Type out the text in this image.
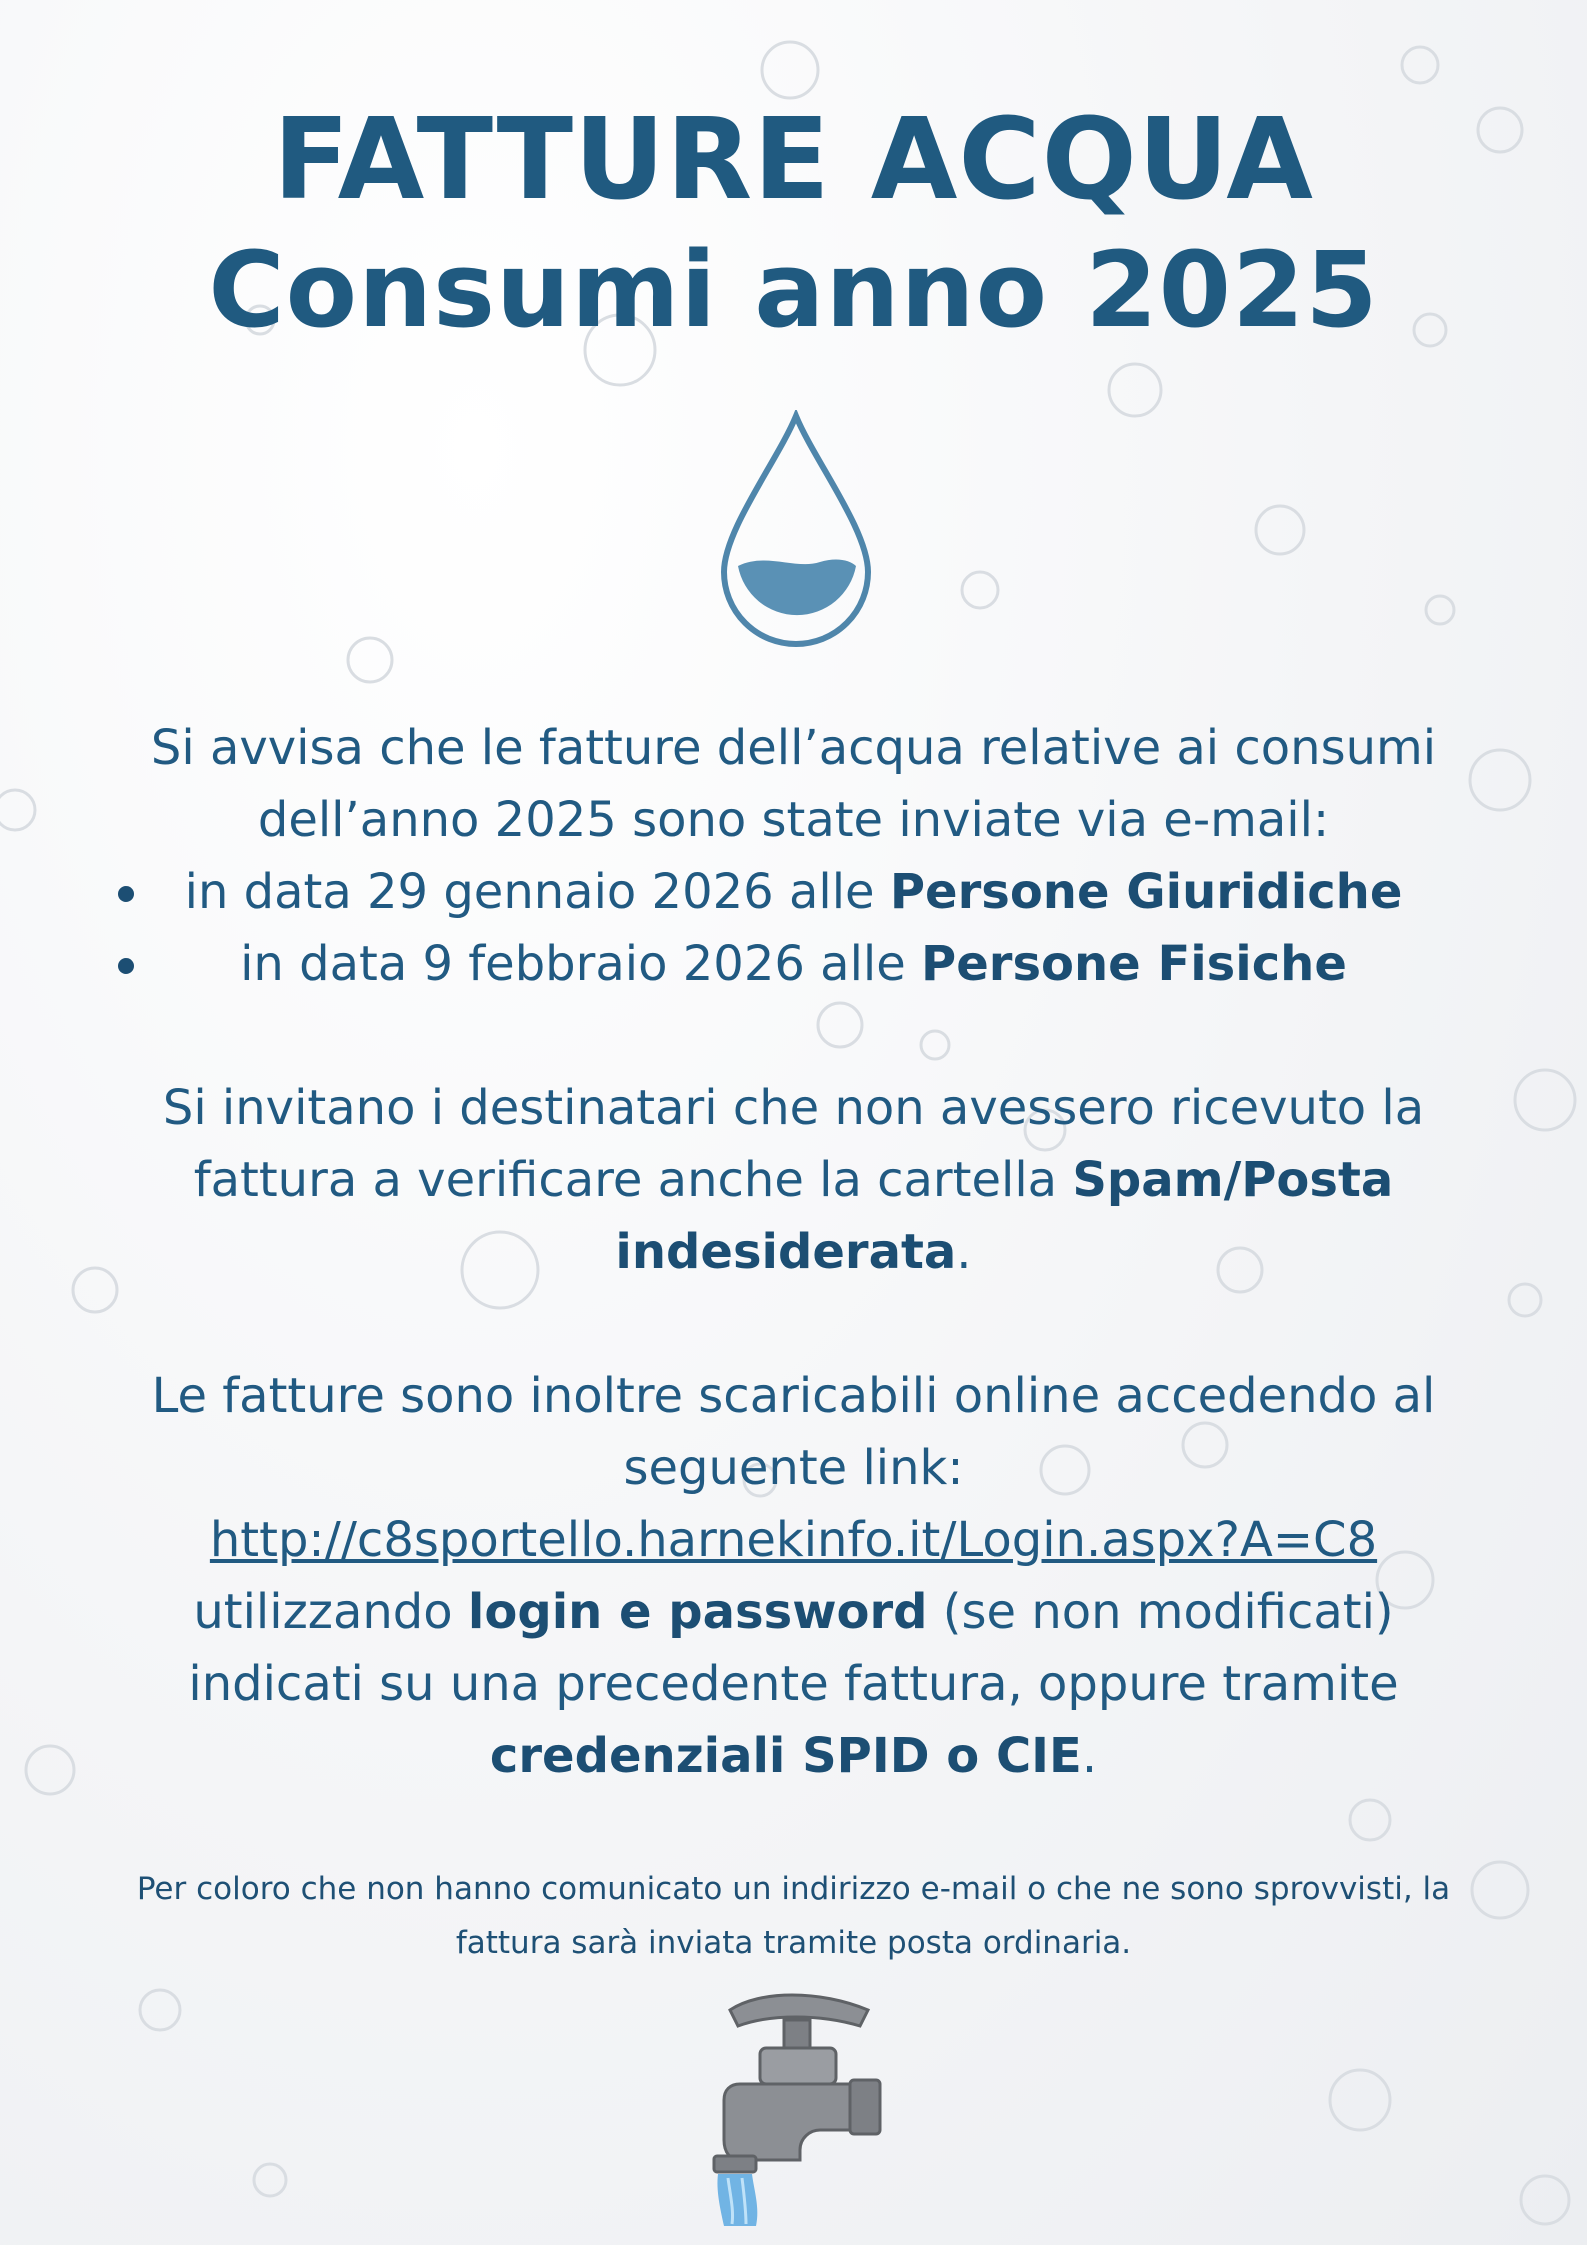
FATTURE ACQUA
Consumi anno 2025

Si avvisa che le fatture dell’acqua relative ai consumi
dell’anno 2025 sono state inviate via e-mail:

in data 29 gennaio 2026 alle Persone Giuridiche
in data 9 febbraio 2026 alle Persone Fisiche

Si invitano i destinatari che non avessero ricevuto la
fattura a verificare anche la cartella Spam/Posta
indesiderata.

Le fatture sono inoltre scaricabili online accedendo al
seguente link:
http://c8sportello.harnekinfo.it/Login.aspx?A=C8
utilizzando login e password (se non modificati)
indicati su una precedente fattura, oppure tramite
credenziali SPID o CIE.

Per coloro che non hanno comunicato un indirizzo e-mail o che ne sono sprovvisti, la
fattura sarà inviata tramite posta ordinaria.
